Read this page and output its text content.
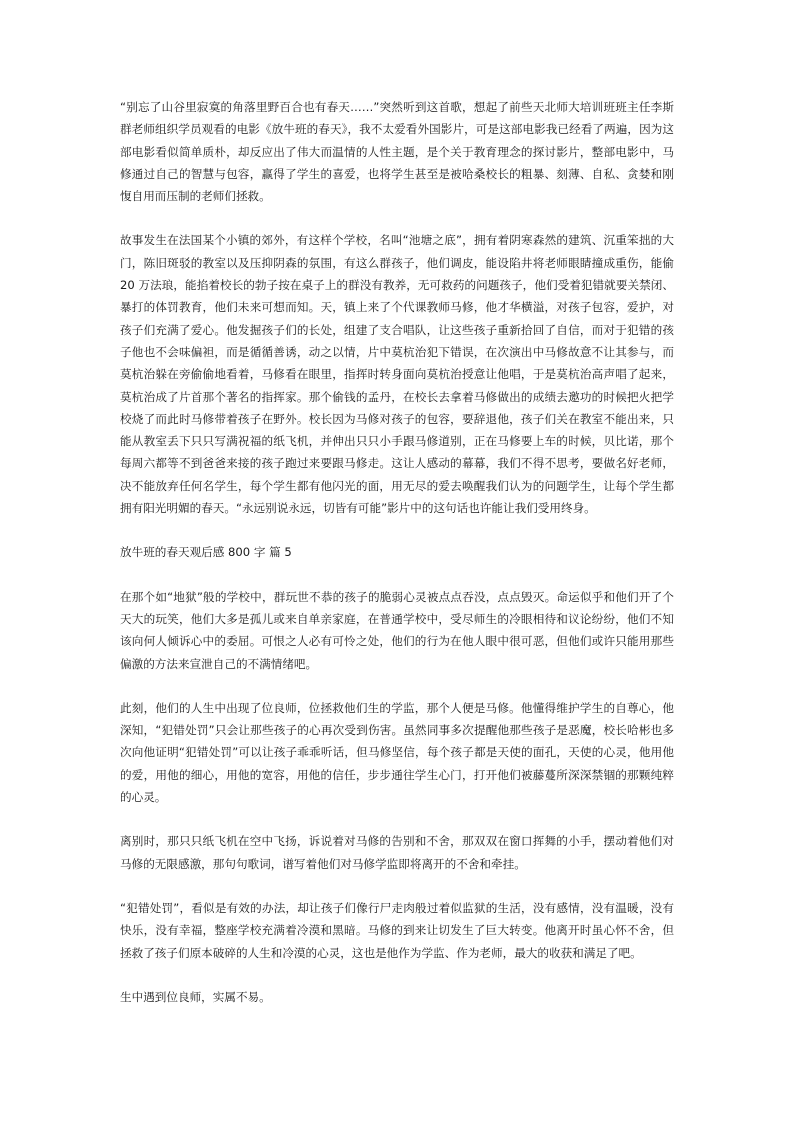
“别忘了山谷里寂寞的角落里野百合也有春天……”突然听到这首歌，想起了前些天北师大培训班班主任李斯群老师组织学员观看的电影《放牛班的春天》，我不太爱看外国影片，可是这部电影我已经看了两遍，因为这部电影看似简单质朴，却反应出了伟大而温情的人性主题，是个关于教育理念的探讨影片，整部电影中，马修通过自己的智慧与包容，赢得了学生的喜爱，也将学生甚至是被哈桑校长的粗暴、刻薄、自私、贪婪和刚愎自用而压制的老师们拯救。

故事发生在法国某个小镇的郊外，有这样个学校，名叫“池塘之底”，拥有着阴寒森然的建筑、沉重笨拙的大门，陈旧斑驳的教室以及压抑阴森的氛围，有这么群孩子，他们调皮，能设陷井将老师眼睛撞成重伤，能偷 20 万法琅，能掐着校长的勃子按在桌子上的群没有教养，无可救药的问题孩子，他们受着犯错就要关禁闭、暴打的体罚教育，他们未来可想而知。天，镇上来了个代课教师马修，他才华横溢，对孩子包容，爱护，对孩子们充满了爱心。他发掘孩子们的长处，组建了支合唱队，让这些孩子重新拾回了自信，而对于犯错的孩子他也不会味偏袒，而是循循善诱，动之以情，片中莫杭治犯下错误，在次演出中马修故意不让其参与，而莫杭治躲在旁偷偷地看着，马修看在眼里，指挥时转身面向莫杭治授意让他唱，于是莫杭治高声唱了起来，莫杭治成了片首那个著名的指挥家。那个偷钱的孟丹，在校长去拿着马修做出的成绩去邀功的时候把火把学校烧了而此时马修带着孩子在野外。校长因为马修对孩子的包容，要辞退他，孩子们关在教室不能出来，只能从教室丢下只只写满祝福的纸飞机，并伸出只只小手跟马修道别，正在马修要上车的时候，贝比诺，那个每周六都等不到爸爸来接的孩子跑过来要跟马修走。这让人感动的幕幕，我们不得不思考，要做名好老师，决不能放弃任何名学生，每个学生都有他闪光的面，用无尽的爱去唤醒我们认为的问题学生，让每个学生都拥有阳光明媚的春天。“永远别说永远，切皆有可能”影片中的这句话也许能让我们受用终身。

放牛班的春天观后感 800 字 篇 5

在那个如“地狱”般的学校中，群玩世不恭的孩子的脆弱心灵被点点吞没，点点毁灭。命运似乎和他们开了个天大的玩笑，他们大多是孤儿或来自单亲家庭，在普通学校中，受尽师生的冷眼相待和议论纷纷，他们不知该向何人倾诉心中的委屈。可恨之人必有可怜之处，他们的行为在他人眼中很可恶，但他们或许只能用那些偏激的方法来宣泄自己的不满情绪吧。

此刻，他们的人生中出现了位良师，位拯救他们生的学监，那个人便是马修。他懂得维护学生的自尊心，他深知，“犯错处罚”只会让那些孩子的心再次受到伤害。虽然同事多次提醒他那些孩子是恶魔，校长哈彬也多次向他证明“犯错处罚”可以让孩子乖乖听话，但马修坚信，每个孩子都是天使的面孔，天使的心灵，他用他的爱，用他的细心，用他的宽容，用他的信任，步步通往学生心门，打开他们被藤蔓所深深禁锢的那颗纯粹的心灵。

离别时，那只只纸飞机在空中飞扬，诉说着对马修的告别和不舍，那双双在窗口挥舞的小手，摆动着他们对马修的无限感激，那句句歌词，谱写着他们对马修学监即将离开的不舍和牵挂。

“犯错处罚”，看似是有效的办法，却让孩子们像行尸走肉般过着似监狱的生活，没有感情，没有温暖，没有快乐，没有幸福，整座学校充满着冷漠和黑暗。马修的到来让切发生了巨大转变。他离开时虽心怀不舍，但拯救了孩子们原本破碎的人生和冷漠的心灵，这也是他作为学监、作为老师，最大的收获和满足了吧。

生中遇到位良师，实属不易。
